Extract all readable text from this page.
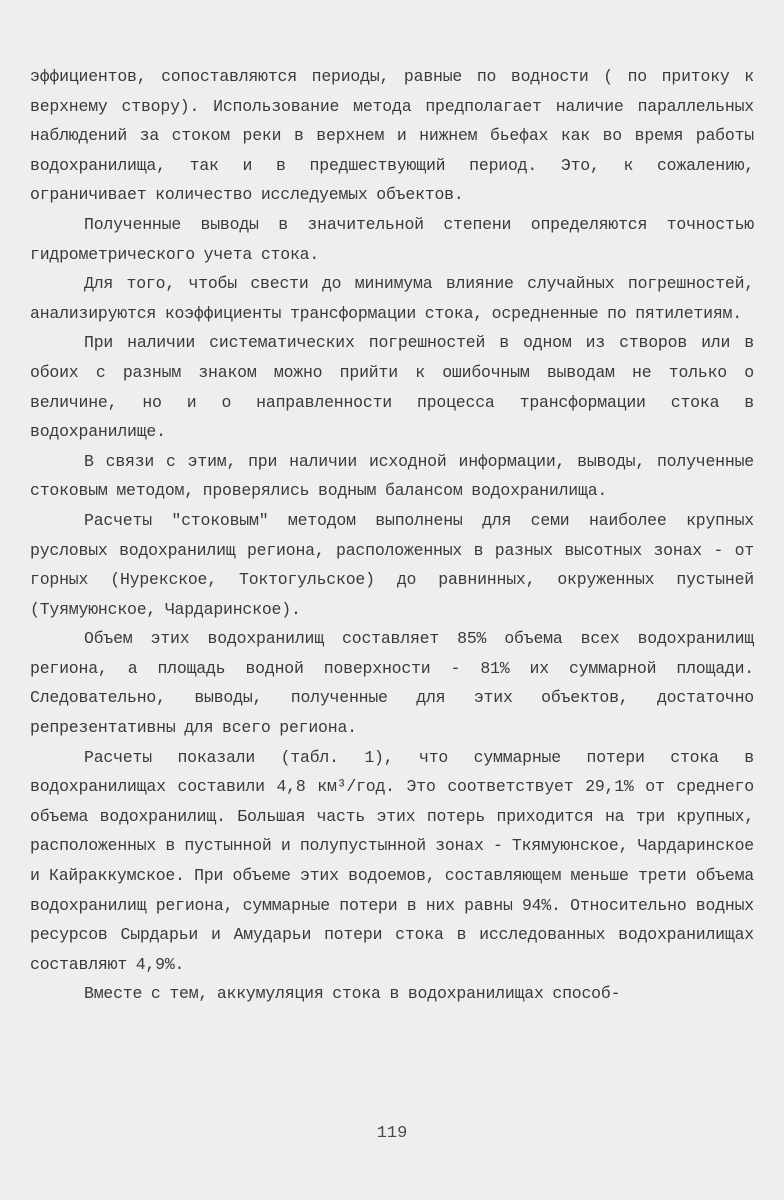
эффициентов, сопоставляются периоды, равные по водности ( по притоку к верхнему створу). Использование метода предполагает наличие параллельных наблюдений за стоком реки в верхнем и нижнем бьефах как во время работы водохранилища, так и в предшествующий период. Это, к сожалению, ограничивает количество исследуемых объектов.

Полученные выводы в значительной степени определяются точностью гидрометрического учета стока.

Для того, чтобы свести до минимума влияние случайных погрешностей, анализируются коэффициенты трансформации стока, осредненные по пятилетиям.

При наличии систематических погрешностей в одном из створов или в обоих с разным знаком можно прийти к ошибочным выводам не только о величине, но и о направленности процесса трансформации стока в водохранилище.

В связи с этим, при наличии исходной информации, выводы, полученные стоковым методом, проверялись водным балансом водохранилища.

Расчеты "стоковым" методом выполнены для семи наиболее крупных русловых водохранилищ региона, расположенных в разных высотных зонах - от горных (Нурекское, Токтогульское) до равнинных, окруженных пустыней (Туямуюнское, Чардаринское).

Объем этих водохранилищ составляет 85% объема всех водохранилищ региона, а площадь водной поверхности - 81% их суммарной площади. Следовательно, выводы, полученные для этих объектов, достаточно репрезентативны для всего региона.

Расчеты показали (табл. 1), что суммарные потери стока в водохранилищах составили 4,8 км³/год. Это соответствует 29,1% от среднего объема водохранилищ. Большая часть этих потерь приходится на три крупных, расположенных в пустынной и полупустынной зонах - Ткямуюнское, Чардаринское и Кайраккумское. При объеме этих водоемов, составляющем меньше трети объема водохранилищ региона, суммарные потери в них равны 94%. Относительно водных ресурсов Сырдарьи и Амударьи потери стока в исследованных водохранилищах составляют 4,9%.

Вместе с тем, аккумуляция стока в водохранилищах способ-

119
